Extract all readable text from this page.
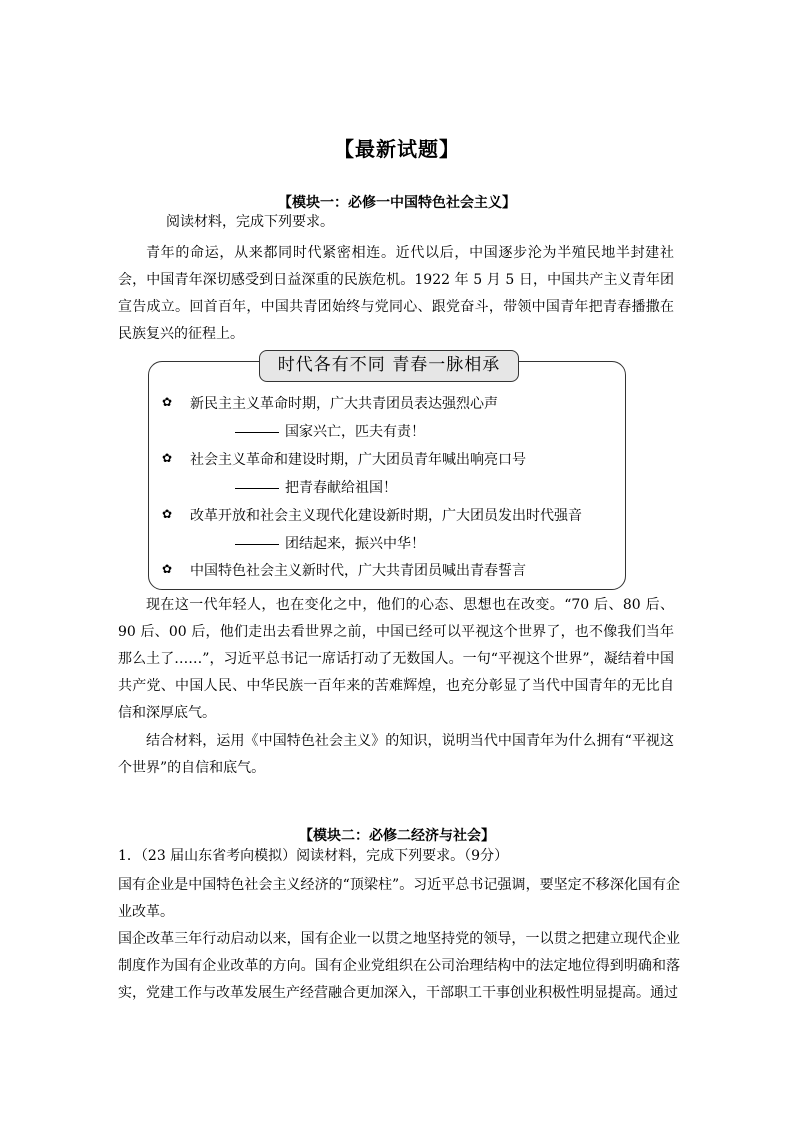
【最新试题】
【模块一：必修一中国特色社会主义】

阅读材料，完成下列要求。

青年的命运，从来都同时代紧密相连。近代以后，中国逐步沦为半殖民地半封建社会，中国青年深切感受到日益深重的民族危机。1922 年 5 月 5 日，中国共产主义青年团宣告成立。回首百年，中国共青团始终与党同心、跟党奋斗，带领中国青年把青春播撒在民族复兴的征程上。

时代各有不同 青春一脉相承
✿ 新民主主义革命时期，广大共青团员表达强烈心声
国家兴亡，匹夫有责！
✿ 社会主义革命和建设时期，广大团员青年喊出响亮口号
把青春献给祖国！
✿ 改革开放和社会主义现代化建设新时期，广大团员发出时代强音
团结起来，振兴中华！
✿ 中国特色社会主义新时代，广大共青团员喊出青春誓言

现在这一代年轻人，也在变化之中，他们的心态、思想也在改变。“70 后、80 后、90 后、00 后，他们走出去看世界之前，中国已经可以平视这个世界了，也不像我们当年那么土了……”，习近平总书记一席话打动了无数国人。一句“平视这个世界”，凝结着中国共产党、中国人民、中华民族一百年来的苦难辉煌，也充分彰显了当代中国青年的无比自信和深厚底气。

结合材料，运用《中国特色社会主义》的知识，说明当代中国青年为什么拥有“平视这个世界”的自信和底气。

【模块二：必修二经济与社会】

1．（23 届山东省考向模拟）阅读材料，完成下列要求。（9分）

国有企业是中国特色社会主义经济的“顶梁柱”。习近平总书记强调，要坚定不移深化国有企业改革。

国企改革三年行动启动以来，国有企业一以贯之地坚持党的领导，一以贯之把建立现代企业制度作为国有企业改革的方向。国有企业党组织在公司治理结构中的法定地位得到明确和落实，党建工作与改革发展生产经营融合更加深入，干部职工干事创业积极性明显提高。通过
